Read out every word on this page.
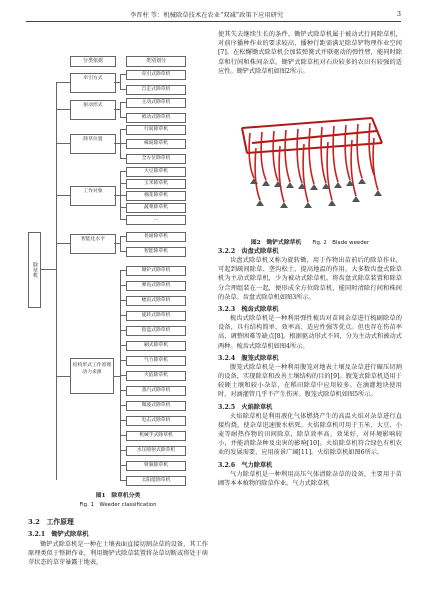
李晋柱 等：机械除草技术在农业“双减”政策下应用研究	3
分类依据	类别划分
除草机
牵引方式
牵引式除草机
自走式除草机
驱动形式
主动式除草机
被动式除草机
除草位置
行间除草机
株间除草机
全方位除草机
工作对象
大豆除草机
玉米除草机
棉花除草机
蔬菜除草机
…
智能化水平
普通除草机
智能除草机
结构形式工作原理动力来源
锄铲式除草机
弹齿式除草机
梳齿式除草机
旋转式除草机
指盘式除草机
刷式除草机
气力除草机
火焰除草机
蒸汽式除草机
微波式除草机
电击式除草机
机械手式除草机
水压喷射式除草机
射频除草机
太阳能除草机
图1　除草机分类
Fig. 1　Weeder classification
3.2　工作原理
3.2.1　锄铲式除草机
锄铲式除草机是一种在土壤表面直接切割杂草的设备，其工作原理类似于整耕作业，利用锄铲式除草装置将杂草切断或将处于萌芽状态的草芽暴露于地表，
使其失去继续生长的条件。锄铲式除草机属于被动式行间除草机，对前序播种作业的要求较高，播种行距需满足除草铲物理作业空间[7]。在松懈锄式除草机会加装弹簧式并联驱动的弹性臂，能同时除草和行间和株间杂草。锄铲式除草机对石块较多的农田有较强的适应性。锄铲式除草机如图2所示。
图2　锄铲式除草机 Fig. 2　Blade weeder
3.2.2　齿盘式除草机
齿盘式除草机又称为旋转锄，用于作物出苗前后的除草作业，可起到疏间除草、垄沟松土、提高地温的作用。大多数齿盘式除草机为主动式除草机，少为被动式除草机。将齿盘式除草装置和除草分合理组装在一起，便形成全方位除草机，能同时清除行间和株间的杂草。齿盘式除草机如图3所示。
3.2.3　梳齿式除草机
梳齿式除草机是一种利用弹性梳齿对苗间杂草进行梳刷除草的设备，具有结构简单、效率高、适应性强等优点。但也存在伤苗率高、调整困难等缺点[8]。根据驱动形式不同，分为主动式和被动式两种。梳齿式除草机如图4所示。
3.2.4　腹笼式除草机
腹笼式除草机是一种利用腹笼对地表土壤及杂草进行碾压切割的设备，实现除草和改善土壤结构的目的[9]。腹笼式除草机适用于较硬土壤和较小杂草，在稻田除草中应用较多。在滴灌地块使用时，对滴灌管几乎不产生伤害。腹笼式除草机如图5所示。
3.2.5　火焰除草机
火焰除草机是利用液化气体燃烧产生的高温火焰对杂草进行直接灼烧，使杂草迅速脱水枯死。火焰除草机可用于玉米、大豆、小麦等耐热作物的田间除草，除草效率高、效果好，对环境影响较小，并能消除杂种及虫害的影响[10]。火焰除草机符合绿色有机农业的发展需要，应用前景广阔[11]。火焰除草机如图6所示。
3.2.6　气力除草机
气力除草机是一种利用高压气体清除杂草的设备，主要用于苗圃等本本植物的除草作业。气力式除草机
